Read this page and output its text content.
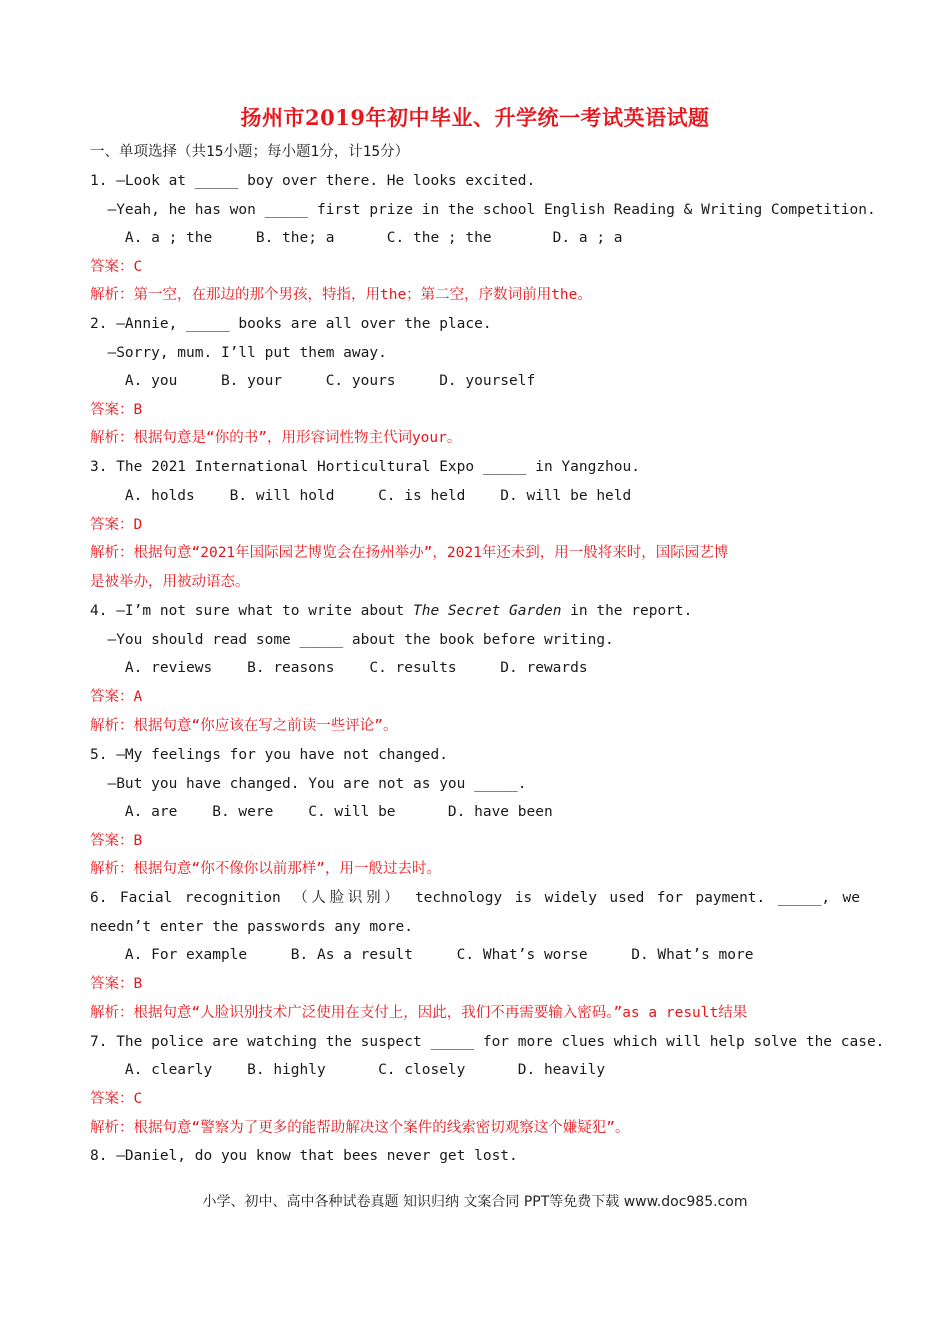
扬州市2019年初中毕业、升学统一考试英语试题
一、单项选择（共15小题；每小题1分，计15分）
1. —Look at _____ boy over there. He looks excited.
—Yeah, he has won _____ first prize in the school English Reading & Writing Competition.
A. a ; the     B. the; a      C. the ; the       D. a ; a
答案：C
解析：第一空，在那边的那个男孩，特指，用the；第二空，序数词前用the。
2. —Annie, _____ books are all over the place.
—Sorry, mum. I’ll put them away.
A. you     B. your     C. yours     D. yourself
答案：B
解析：根据句意是“你的书”，用形容词性物主代词your。
3. The 2021 International Horticultural Expo _____ in Yangzhou.
A. holds    B. will hold     C. is held    D. will be held
答案：D
解析：根据句意“2021年国际园艺博览会在扬州举办”，2021年还未到，用一般将来时，国际园艺博
是被举办，用被动语态。
4. —I’m not sure what to write about The Secret Garden in the report.
—You should read some _____ about the book before writing.
A. reviews    B. reasons    C. results     D. rewards
答案：A
解析：根据句意“你应该在写之前读一些评论”。
5. —My feelings for you have not changed.
—But you have changed. You are not as you _____.
A. are    B. were    C. will be      D. have been
答案：B
解析：根据句意“你不像你以前那样”，用一般过去时。
6. Facial recognition （人脸识别） technology is widely used for payment. _____, we
needn’t enter the passwords any more.
A. For example     B. As a result     C. What’s worse     D. What’s more
答案：B
解析：根据句意“人脸识别技术广泛使用在支付上，因此，我们不再需要输入密码。”as a result结果
7. The police are watching the suspect _____ for more clues which will help solve the case.
A. clearly    B. highly      C. closely      D. heavily
答案：C
解析：根据句意“警察为了更多的能帮助解决这个案件的线索密切观察这个嫌疑犯”。
8. —Daniel, do you know that bees never get lost.
小学、初中、高中各种试卷真题 知识归纳 文案合同 PPT等免费下载 www.doc985.com
